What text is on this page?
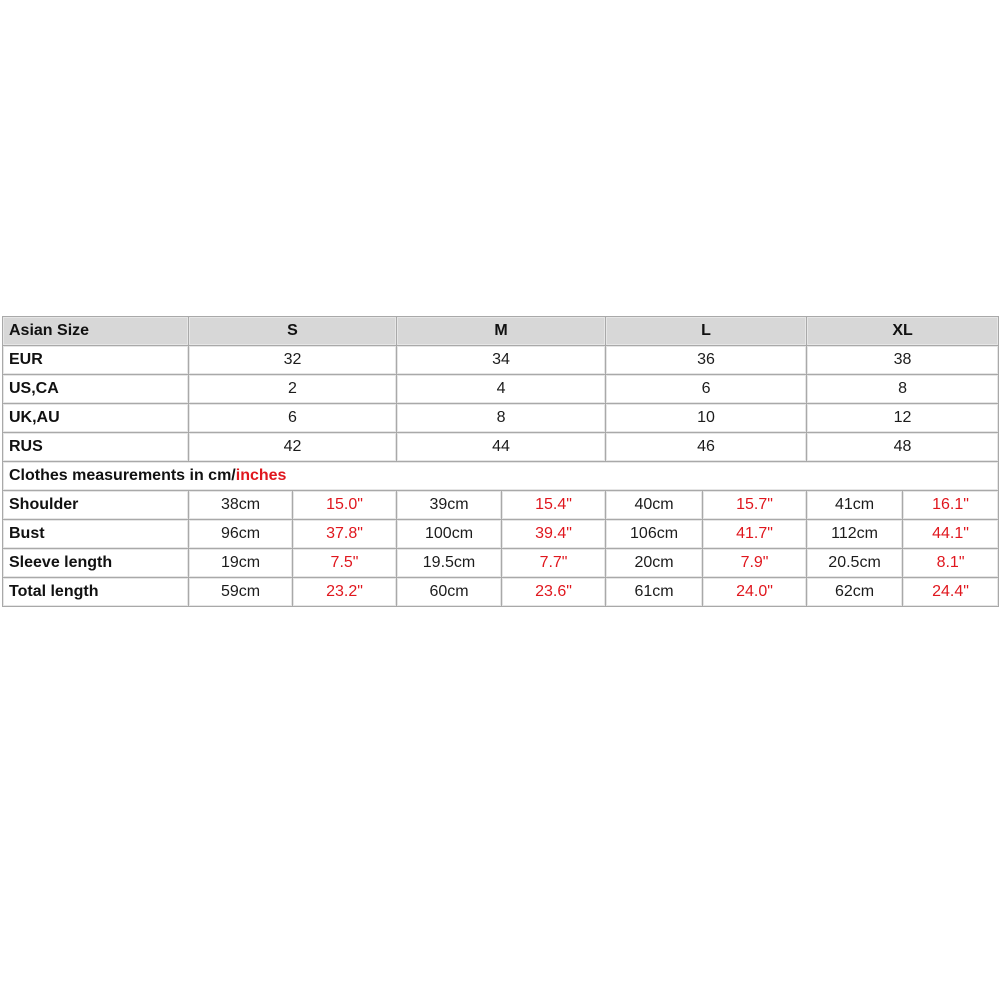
Asian Size	S		M		L		XL	
EUR	32		34		36		38	
US,CA	2		4		6		8	
UK,AU	6		8		10		12	
RUS	42		44		46		48	
Clothes measurements in cm/inches								
Shoulder	38cm	15.0"	39cm	15.4"	40cm	15.7"	41cm	16.1"
Bust	96cm	37.8"	100cm	39.4"	106cm	41.7"	112cm	44.1"
Sleeve length	19cm	7.5"	19.5cm	7.7"	20cm	7.9"	20.5cm	8.1"
Total length	59cm	23.2"	60cm	23.6"	61cm	24.0"	62cm	24.4"
